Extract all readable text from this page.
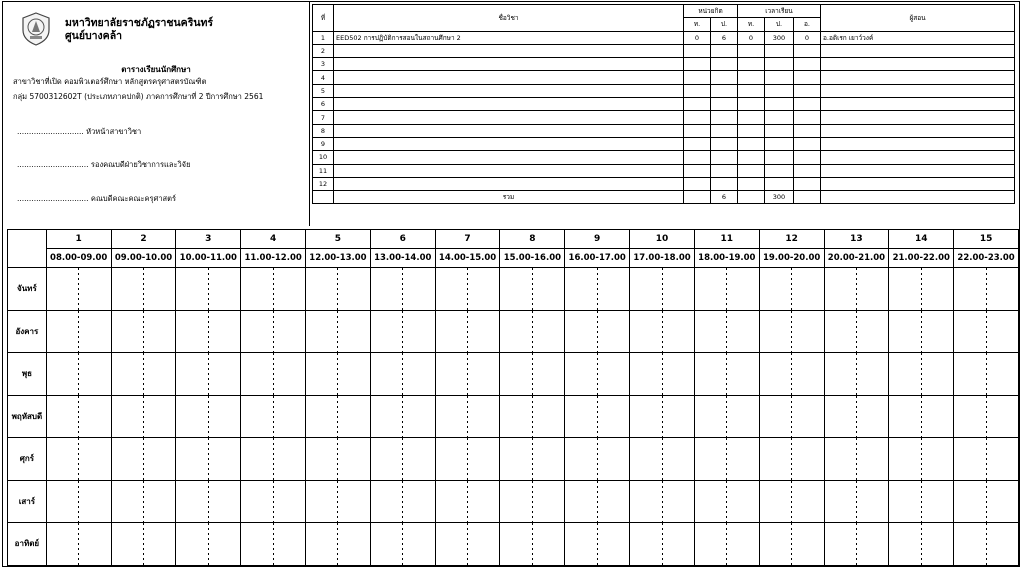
มหาวิทยาลัยราชภัฏราชนครินทร์
ศูนย์บางคล้า
ตารางเรียนนักศึกษา
สาขาวิชาที่เปิด คอมพิวเตอร์ศึกษา หลักสูตรครุศาสตรบัณฑิต
กลุ่ม 5700312602T (ประเภทภาคปกติ) ภาคการศึกษาที่ 2 ปีการศึกษา 2561
............................ หัวหน้าสาขาวิชา
.............................. รองคณบดีฝ่ายวิชาการและวิจัย
.............................. คณบดีคณะคณะครุศาสตร์
ที่	ชื่อวิชา	หน่วยกิต		เวลาเรียน			ผู้สอน
		ท.	ป.	ท.	ป.	อ.	
1	EED502 การปฏิบัติการสอนในสถานศึกษา 2	0	6	0	300	0	อ.อติเรก เยาว์วงค์
2							
3							
4							
5							
6							
7							
8							
9							
10							
11							
12							
	รวม		6		300		
	1	2	3	4	5	6	7	8	9	10	11	12	13	14	15
	08.00-09.00	09.00-10.00	10.00-11.00	11.00-12.00	12.00-13.00	13.00-14.00	14.00-15.00	15.00-16.00	16.00-17.00	17.00-18.00	18.00-19.00	19.00-20.00	20.00-21.00	21.00-22.00	22.00-23.00
จันทร์															
อังคาร															
พุธ															
พฤหัสบดี															
ศุกร์															
เสาร์															
อาทิตย์															
